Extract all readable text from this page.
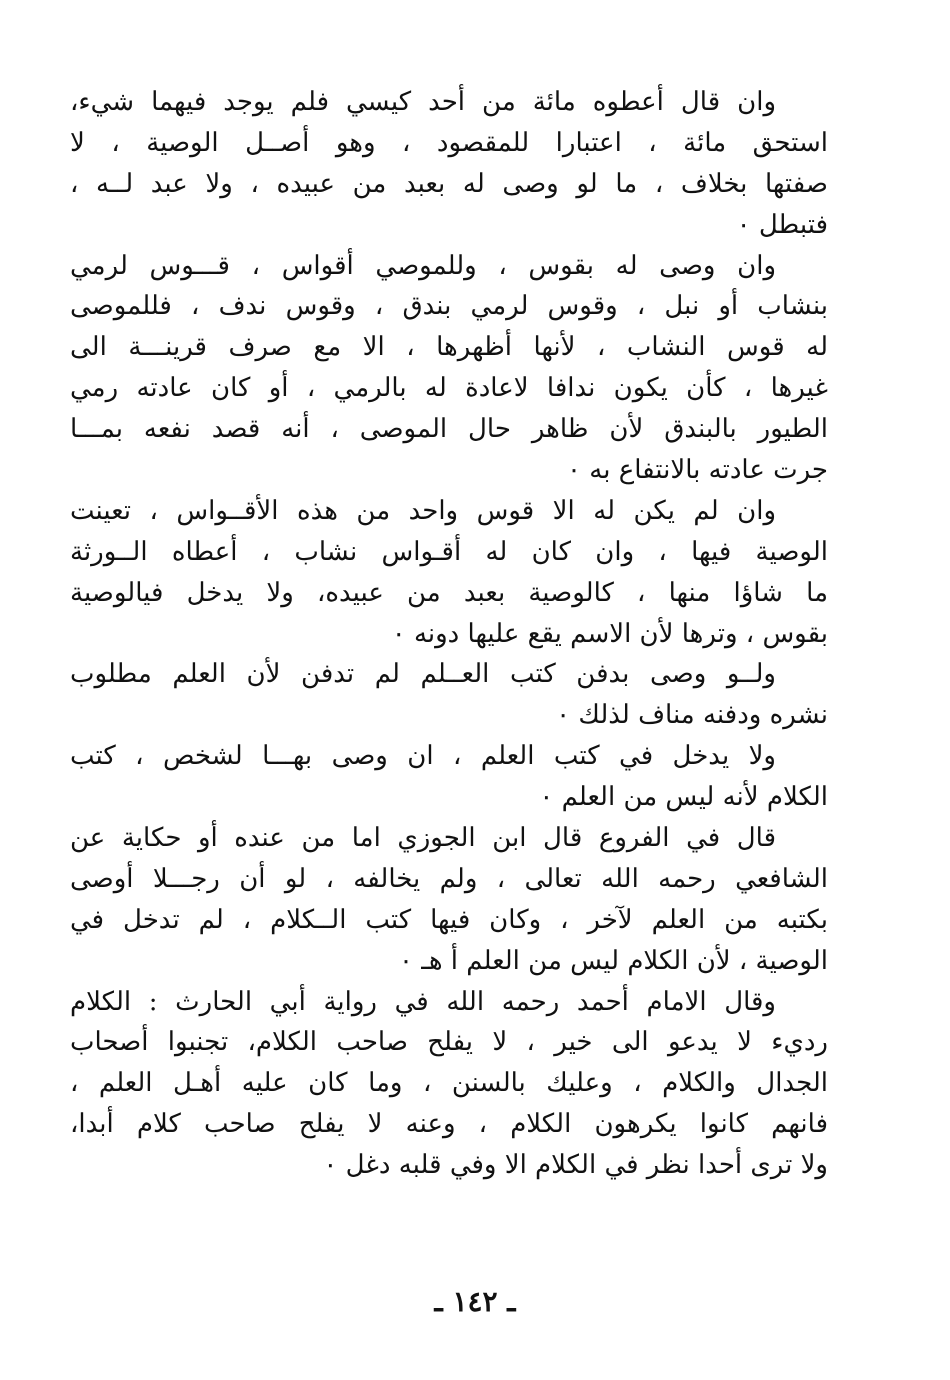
وان قال أعطوه مائة من أحد كيسي فلم يوجد فيهما شيء،
استحق مائة ، اعتبارا للمقصود ، وهو أصــل الوصية ، لا
صفتها بخلاف ، ما لو وصى له بعبد من عبيده ، ولا عبد لــه ،
فتبطل ٠
وان وصى له بقوس ، وللموصي أقواس ، قـــوس لرمي
بنشاب أو نبل ، وقوس لرمي بندق ، وقوس ندف ، فللموصى
له قوس النشاب ، لأنها أظهرها ، الا مع صرف قرينـــة الى
غيرها ، كأن يكون ندافا لاعادة له بالرمي ، أو كان عادته رمي
الطيور بالبندق لأن ظاهر حال الموصى ، أنه قصد نفعه بمـــا
جرت عادته بالانتفاع به ٠
وان لم يكن له الا قوس واحد من هذه الأقــواس ، تعينت
الوصية فيها ، وان كان له أقـواس نشاب ، أعطاه الــورثة
ما شاؤا منها ، كالوصية بعبد من عبيده، ولا يدخل فيالوصية
بقوس ، وترها لأن الاسم يقع عليها دونه ٠
ولــو وصى بدفن كتب العــلم لم تدفن لأن العلم مطلوب
نشره ودفنه مناف لذلك ٠
ولا يدخل في كتب العلم ، ان وصى بهـــا لشخص ، كتب
الكلام لأنه ليس من العلم ٠
قال في الفروع قال ابن الجوزي اما من عنده أو حكاية عن
الشافعي رحمه الله تعالى ، ولم يخالفه ، لو أن رجـــلا أوصى
بكتبه من العلم لآخر ، وكان فيها كتب الــكلام ، لم تدخل في
الوصية ، لأن الكلام ليس من العلم أ هـ ٠
وقال الامام أحمد رحمه الله في رواية أبي الحارث : الكلام
رديء لا يدعو الى خير ، لا يفلح صاحب الكلام، تجنبوا أصحاب
الجدال والكلام ، وعليك بالسنن ، وما كان عليه أهـل العلم ،
فانهم كانوا يكرهون الكلام ، وعنه لا يفلح صاحب كلام أبدا،
ولا ترى أحدا نظر في الكلام الا وفي قلبه دغل ٠
ـ ١٤٢ ـ
